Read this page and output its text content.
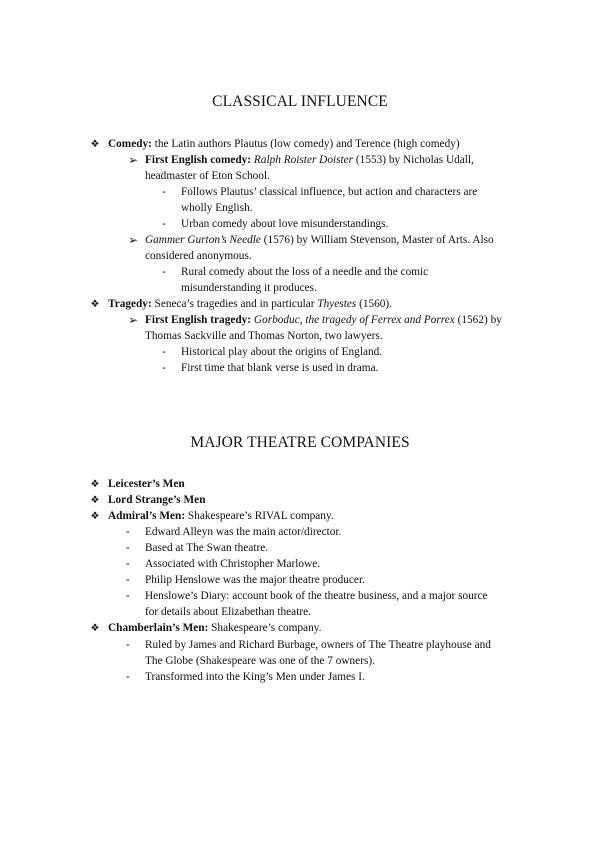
CLASSICAL INFLUENCE
❖ Comedy: the Latin authors Plautus (low comedy) and Terence (high comedy)
➢ First English comedy: Ralph Roister Doister (1553) by Nicholas Udall,
headmaster of Eton School.
- Follows Plautus’ classical influence, but action and characters are
wholly English.
- Urban comedy about love misunderstandings.
➢ Gammer Gurton’s Needle (1576) by William Stevenson, Master of Arts. Also
considered anonymous.
- Rural comedy about the loss of a needle and the comic
misunderstanding it produces.
❖ Tragedy: Seneca’s tragedies and in particular Thyestes (1560).
➢ First English tragedy: Gorboduc, the tragedy of Ferrex and Porrex (1562) by
Thomas Sackville and Thomas Norton, two lawyers.
- Historical play about the origins of England.
- First time that blank verse is used in drama.
MAJOR THEATRE COMPANIES
❖ Leicester’s Men
❖ Lord Strange’s Men
❖ Admiral’s Men: Shakespeare’s RIVAL company.
- Edward Alleyn was the main actor/director.
- Based at The Swan theatre.
- Associated with Christopher Marlowe.
- Philip Henslowe was the major theatre producer.
- Henslowe’s Diary: account book of the theatre business, and a major source
for details about Elizabethan theatre.
❖ Chamberlain’s Men: Shakespeare’s company.
- Ruled by James and Richard Burbage, owners of The Theatre playhouse and
The Globe (Shakespeare was one of the 7 owners).
- Transformed into the King’s Men under James I.
